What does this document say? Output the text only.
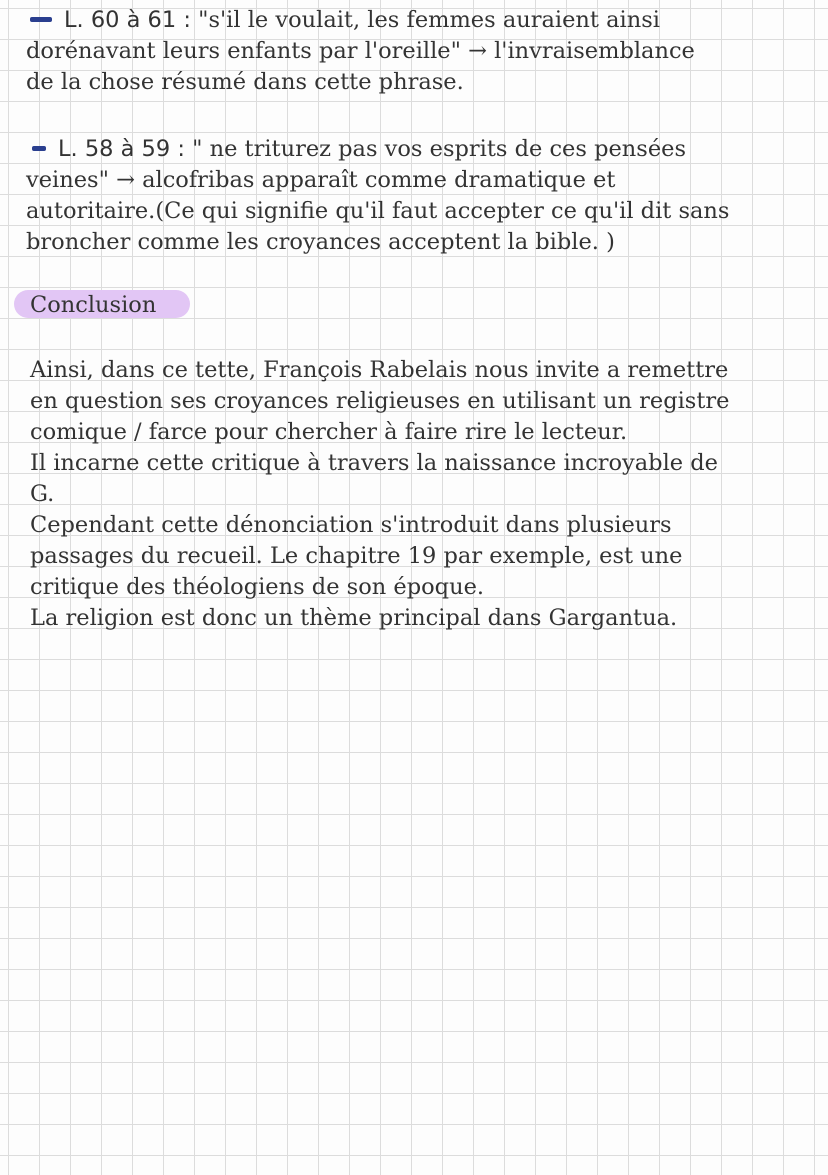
L. 60 à 61 : "s'il le voulait, les femmes auraient ainsi
dorénavant leurs enfants par l'oreille" → l'invraisemblance
de la chose résumé dans cette phrase.
L. 58 à 59 : " ne triturez pas vos esprits de ces pensées
veines" → alcofribas apparaît comme dramatique et
autoritaire.(Ce qui signifie qu'il faut accepter ce qu'il dit sans
broncher comme les croyances acceptent la bible. )
Conclusion
Ainsi, dans ce tette, François Rabelais nous invite a remettre
en question ses croyances religieuses en utilisant un registre
comique / farce pour chercher à faire rire le lecteur.
Il incarne cette critique à travers la naissance incroyable de
G.
Cependant cette dénonciation s'introduit dans plusieurs
passages du recueil. Le chapitre 19 par exemple, est une
critique des théologiens de son époque.
La religion est donc un thème principal dans Gargantua.
